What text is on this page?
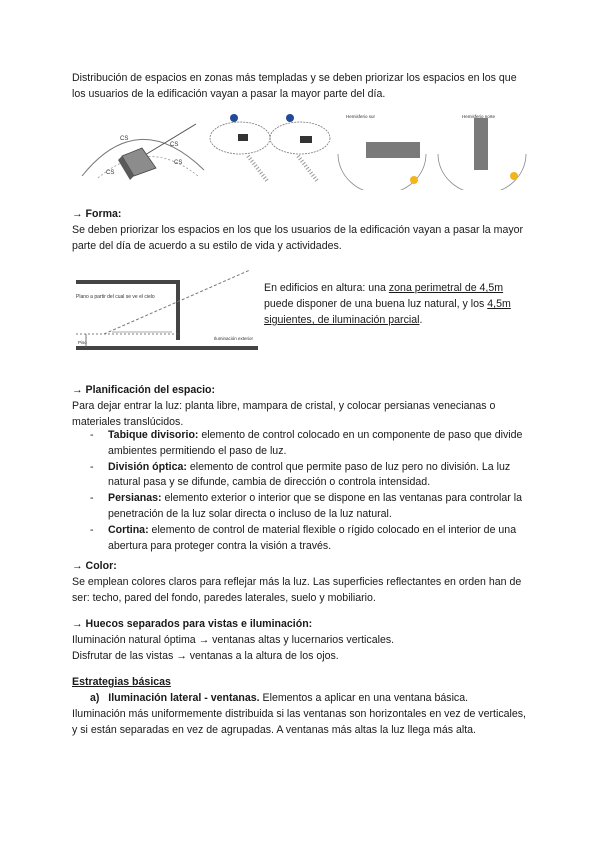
Distribución de espacios en zonas más templadas y se deben priorizar los espacios en los que los usuarios de la edificación vayan a pasar la mayor parte del día.

CS
CS
CS
CS
Hemisferio sur	Hemisferio norte

→ Forma:

Se deben priorizar los espacios en los que los usuarios de la edificación vayan a pasar la mayor parte del día de acuerdo a su estilo de vida y actividades.

Plano a partir del cual se ve el cielo
Iluminación exterior
Piso

En edificios en altura: una zona perimetral de 4,5m puede disponer de una buena luz natural, y los 4,5m siguientes, de iluminación parcial.

→ Planificación del espacio:

Para dejar entrar la luz: planta libre, mampara de cristal, y colocar persianas venecianas o materiales translúcidos.

- Tabique divisorio: elemento de control colocado en un componente de paso que divide ambientes permitiendo el paso de luz.
- División óptica: elemento de control que permite paso de luz pero no división. La luz natural pasa y se difunde, cambia de dirección o controla intensidad.
- Persianas: elemento exterior o interior que se dispone en las ventanas para controlar la penetración de la luz solar directa o incluso de la luz natural.
- Cortina: elemento de control de material flexible o rígido colocado en el interior de una abertura para proteger contra la visión a través.

→ Color:

Se emplean colores claros para reflejar más la luz. Las superficies reflectantes en orden han de ser: techo, pared del fondo, paredes laterales, suelo y mobiliario.

→ Huecos separados para vistas e iluminación:

Iluminación natural óptima → ventanas altas y lucernarios verticales.

Disfrutar de las vistas → ventanas a la altura de los ojos.

Estrategias básicas

a) Iluminación lateral - ventanas. Elementos a aplicar en una ventana básica.

Iluminación más uniformemente distribuida si las ventanas son horizontales en vez de verticales, y si están separadas en vez de agrupadas. A ventanas más altas la luz llega más alta.
